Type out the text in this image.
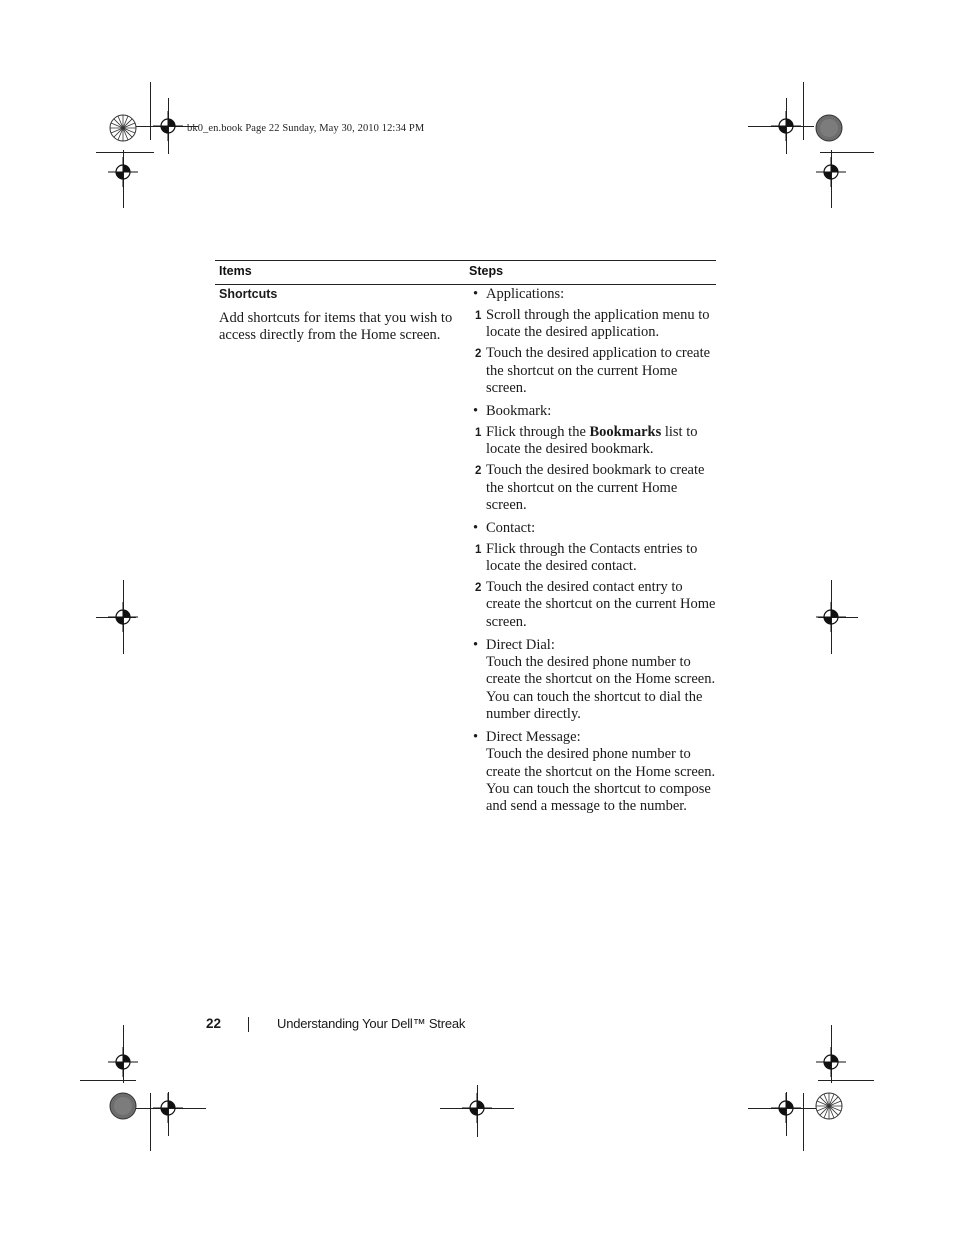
bk0_en.book Page 22 Sunday, May 30, 2010 12:34 PM
Items	Steps
Shortcuts
Add shortcuts for items that you wish to access directly from the Home screen.
• Applications:
1 Scroll through the application menu to locate the desired application.
2 Touch the desired application to create the shortcut on the current Home screen.
• Bookmark:
1 Flick through the Bookmarks list to locate the desired bookmark.
2 Touch the desired bookmark to create the shortcut on the current Home screen.
• Contact:
1 Flick through the Contacts entries to locate the desired contact.
2 Touch the desired contact entry to create the shortcut on the current Home screen.
• Direct Dial:
Touch the desired phone number to create the shortcut on the Home screen. You can touch the shortcut to dial the number directly.
• Direct Message:
Touch the desired phone number to create the shortcut on the Home screen. You can touch the shortcut to compose and send a message to the number.
22	Understanding Your Dell™ Streak
